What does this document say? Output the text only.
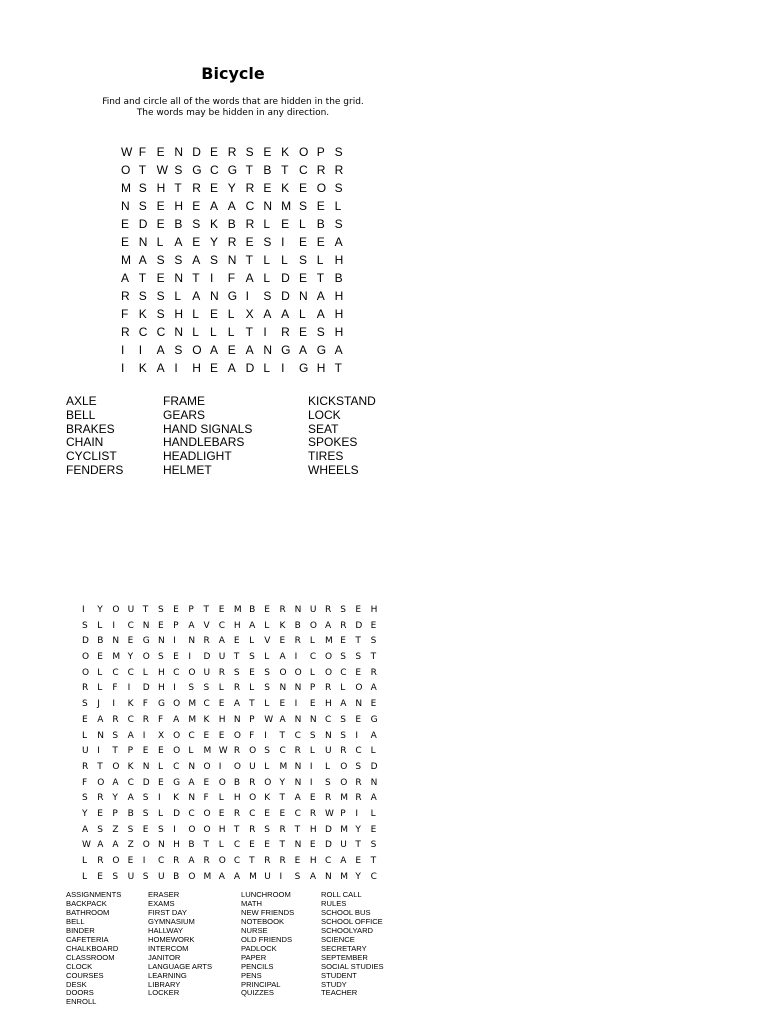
Bicycle
Find and circle all of the words that are hidden in the grid.
The words may be hidden in any direction.
W F E N D E R S E K O P S
O T W S G C G T B T C R R
M S H T R E Y R E K E O S
N S E H E A A C N M S E L
E D E B S K B R L E L B S
E N L A E Y R E S I	E E A
M A S S A S N T L L S L H
A T E N T I	F A L D E T B
R S S L A N G I	S D N A H
F K S H L E L X A A L A H
R C C N L L L T I	R E S H
I	I	A S O A E A N G A G A
I	K A I	H E A D L I	G H T
AXLE
BELL
BRAKES
CHAIN
CYCLIST
FENDERS
FRAME
GEARS
HAND SIGNALS
HANDLEBARS
HEADLIGHT
HELMET
KICKSTAND
LOCK
SEAT
SPOKES
TIRES
WHEELS
I	Y	O U T	S	E	P	T	E	M B	E	R N U R S	E	H
S	L	I	C N E	P	A	V	C H A	L	K	B	O A	R D E
D B	N E	G N I	N R A	E	L	V	E	R L	M E	T	S
O E	M Y	O S	E	I	D U T	S	L	A	I	C O S	S	T
O L	C C L	H C O U R S	E	S	O O L	O C E	R
R L	F	I	D H I	S	S	L	R L	S	N N P	R L	O A
S	J	I	K	F	G O M C E	A	T	L	E	I	E	H A	N E
E	A	R C R F	A	M K	H N P	W A	N N C S	E	G
L	N S	A	I	X	O C E	E	O F	I	T	C S	N S	I	A
U I	T	P	E	E	O L	M W R O S	C R L	U R C L
R T	O K	N L	C N O I	O U L	M N I	L	O S	D
F	O A	C D E	G A	E	O B	R O Y	N I	S	O R N
S	R Y	A	S	I	K	N F	L	H O K	T	A	E	R M R A
Y	E	P	B	S	L	D C O E	R C E	E	C R W P	I	L
A	S	Z	S	E	S	I	O O H T	R S	R T	H D M Y	E
W A	A	Z	O N H B	T	L	C E	E	T	N E	D U T	S
L	R O E	I	C R A	R O C T	R R E	H C A	E	T
L	E	S	U S	U B	O M A	A	M U I	S	A	N M Y	C
ASSIGNMENTS
BACKPACK
BATHROOM
BELL
BINDER
CAFETERIA
CHALKBOARD
CLASSROOM
CLOCK
COURSES
DESK
DOORS
ENROLL
ERASER
EXAMS
FIRST DAY
GYMNASIUM
HALLWAY
HOMEWORK
INTERCOM
JANITOR
LANGUAGE ARTS
LEARNING
LIBRARY
LOCKER
LUNCHROOM
MATH
NEW FRIENDS
NOTEBOOK
NURSE
OLD FRIENDS
PADLOCK
PAPER
PENCILS
PENS
PRINCIPAL
QUIZZES
ROLL CALL
RULES
SCHOOL BUS
SCHOOL OFFICE
SCHOOLYARD
SCIENCE
SECRETARY
SEPTEMBER
SOCIAL STUDIES
STUDENT
STUDY
TEACHER
